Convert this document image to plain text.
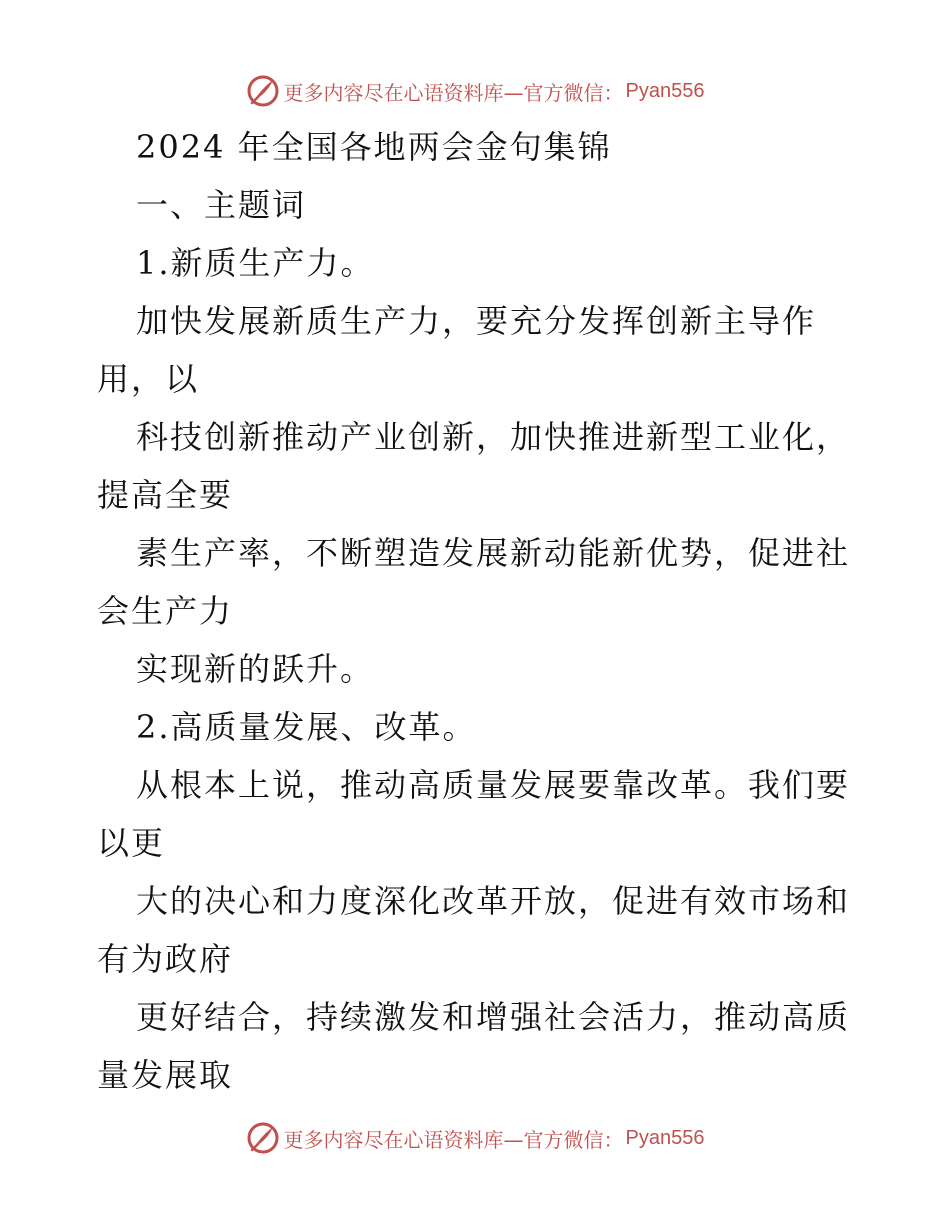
更多内容尽在心语资料库—官方微信： Pyan556
2024 年全国各地两会金句集锦
一、主题词
1.新质生产力。
加快发展新质生产力，要充分发挥创新主导作
用，以
科技创新推动产业创新，加快推进新型工业化，
提高全要
素生产率，不断塑造发展新动能新优势，促进社
会生产力
实现新的跃升。
2.高质量发展、改革。
从根本上说，推动高质量发展要靠改革。我们要
以更
大的决心和力度深化改革开放，促进有效市场和
有为政府
更好结合，持续激发和增强社会活力，推动高质
量发展取
更多内容尽在心语资料库—官方微信： Pyan556
